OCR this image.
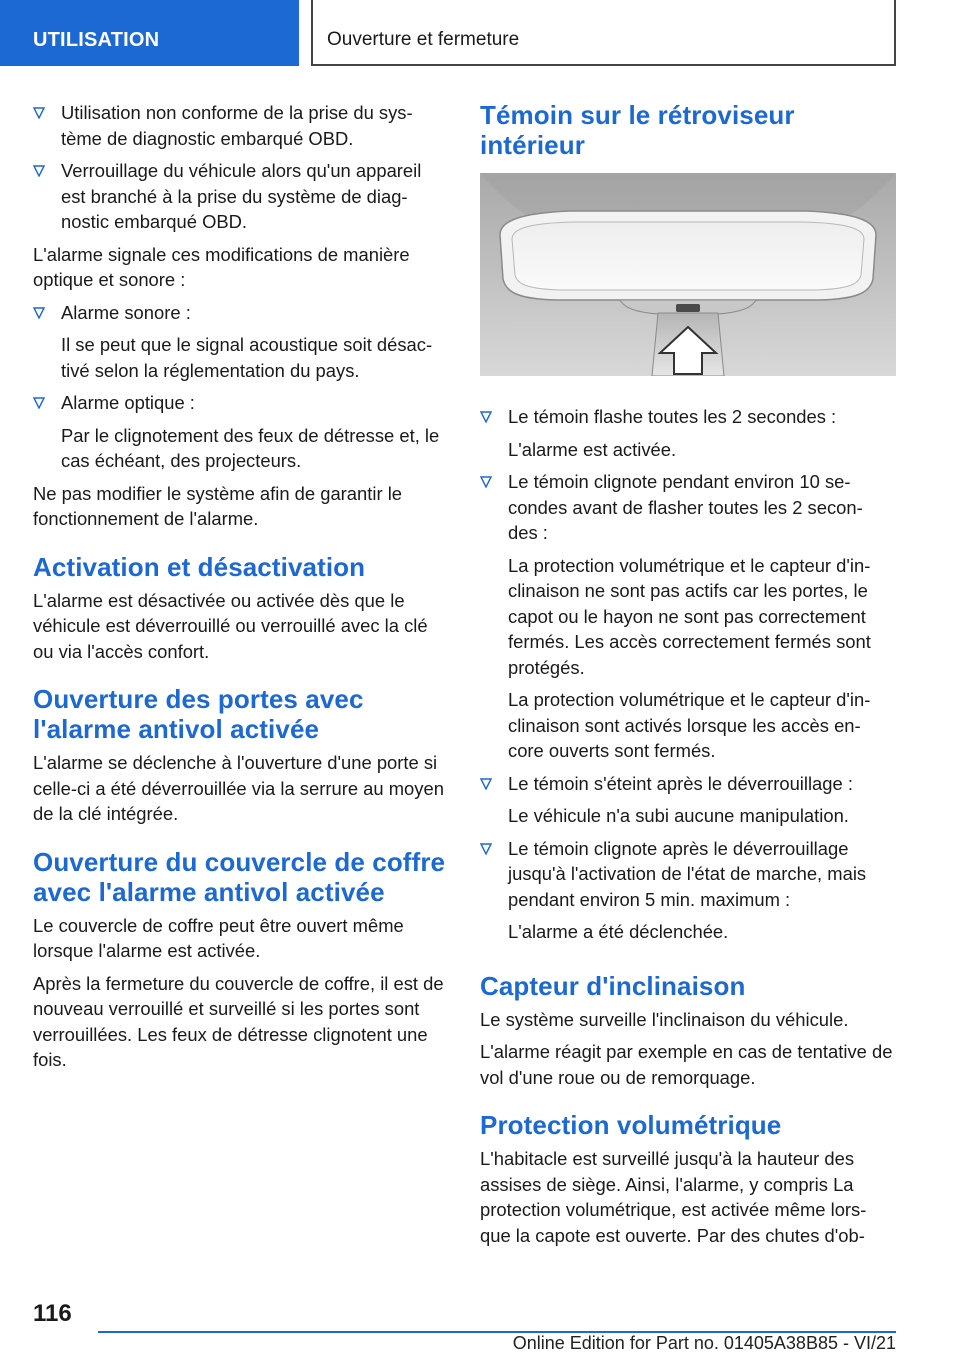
UTILISATION	Ouverture et fermeture
Utilisation non conforme de la prise du sys‐ tème de diagnostic embarqué OBD.
Verrouillage du véhicule alors qu'un appareil est branché à la prise du système de diag‐ nostic embarqué OBD.
L'alarme signale ces modifications de manière optique et sonore :
Alarme sonore :
Il se peut que le signal acoustique soit désac‐ tivé selon la réglementation du pays.
Alarme optique :
Par le clignotement des feux de détresse et, le cas échéant, des projecteurs.
Ne pas modifier le système afin de garantir le fonctionnement de l'alarme.
Activation et désactivation
L'alarme est désactivée ou activée dès que le véhicule est déverrouillé ou verrouillé avec la clé ou via l'accès confort.
Ouverture des portes avec l'alarme antivol activée
L'alarme se déclenche à l'ouverture d'une porte si celle-ci a été déverrouillée via la serrure au moyen de la clé intégrée.
Ouverture du couvercle de coffre avec l'alarme antivol activée
Le couvercle de coffre peut être ouvert même lorsque l'alarme est activée.
Après la fermeture du couvercle de coffre, il est de nouveau verrouillé et surveillé si les portes sont verrouillées. Les feux de détresse clignotent une fois.
Témoin sur le rétroviseur intérieur
Le témoin flashe toutes les 2 secondes :
L'alarme est activée.
Le témoin clignote pendant environ 10 se‐ condes avant de flasher toutes les 2 secon‐ des :
La protection volumétrique et le capteur d'in‐ clinaison ne sont pas actifs car les portes, le capot ou le hayon ne sont pas correctement fermés. Les accès correctement fermés sont protégés.
La protection volumétrique et le capteur d'in‐ clinaison sont activés lorsque les accès en‐ core ouverts sont fermés.
Le témoin s'éteint après le déverrouillage :
Le véhicule n'a subi aucune manipulation.
Le témoin clignote après le déverrouillage jusqu'à l'activation de l'état de marche, mais pendant environ 5 min. maximum :
L'alarme a été déclenchée.
Capteur d'inclinaison
Le système surveille l'inclinaison du véhicule.
L'alarme réagit par exemple en cas de tentative de vol d'une roue ou de remorquage.
Protection volumétrique
L'habitacle est surveillé jusqu'à la hauteur des assises de siège. Ainsi, l'alarme, y compris La protection volumétrique, est activée même lors‐ que la capote est ouverte. Par des chutes d'ob‐
116
Online Edition for Part no. 01405A38B85 - VI/21
